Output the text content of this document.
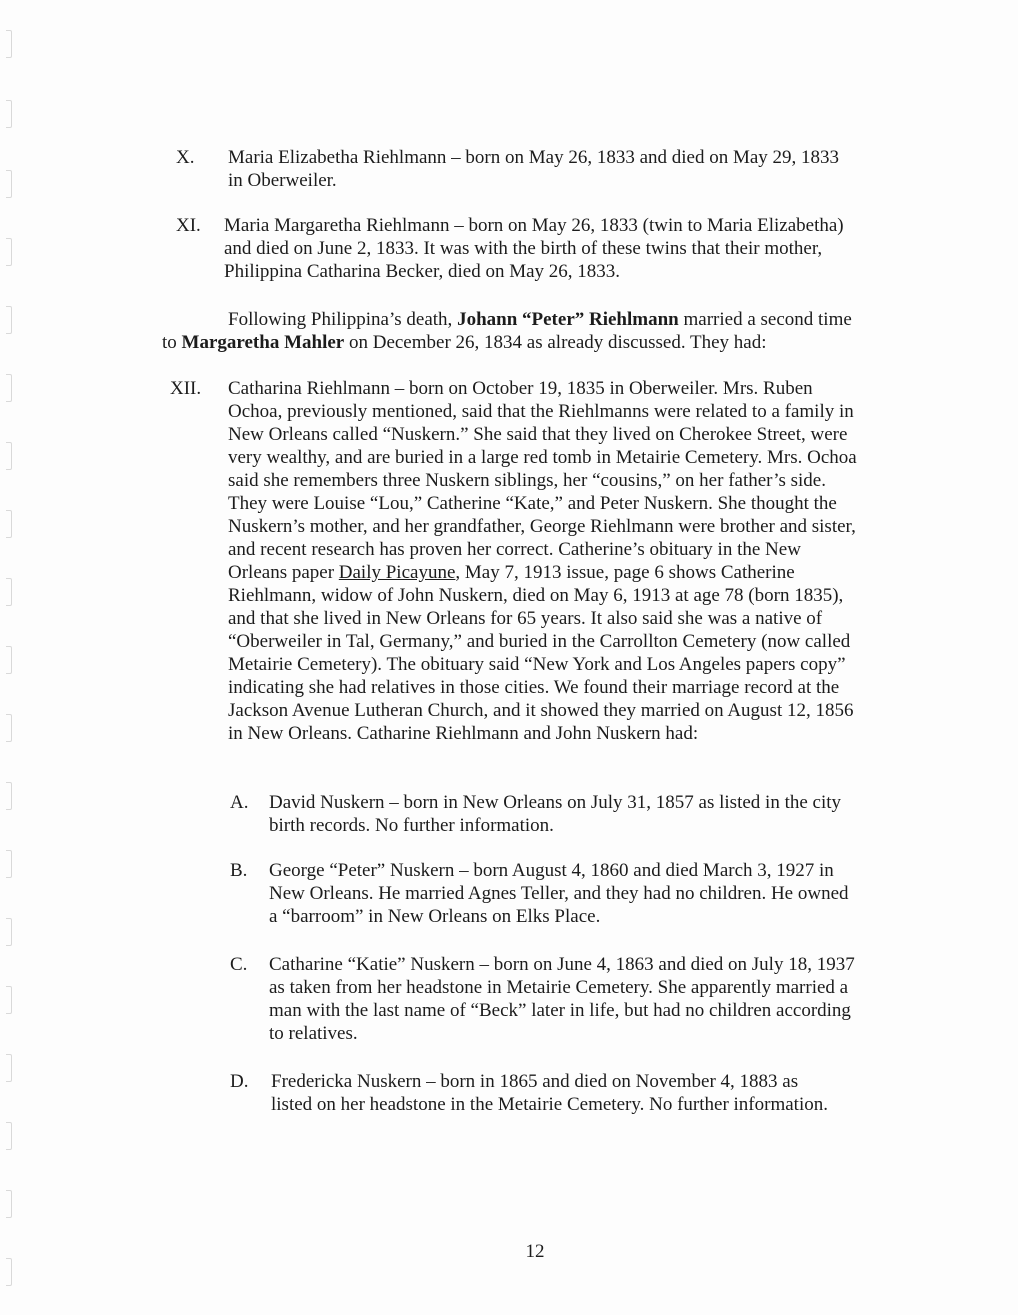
X. Maria Elizabetha Riehlmann – born on May 26, 1833 and died on May 29, 1833 in Oberweiler.
XI. Maria Margaretha Riehlmann – born on May 26, 1833 (twin to Maria Elizabetha) and died on June 2, 1833. It was with the birth of these twins that their mother, Philippina Catharina Becker, died on May 26, 1833.
Following Philippina’s death, Johann “Peter” Riehlmann married a second time to Margaretha Mahler on December 26, 1834 as already discussed. They had:
XII. Catharina Riehlmann – born on October 19, 1835 in Oberweiler. Mrs. Ruben Ochoa, previously mentioned, said that the Riehlmanns were related to a family in New Orleans called “Nuskern.” She said that they lived on Cherokee Street, were very wealthy, and are buried in a large red tomb in Metairie Cemetery. Mrs. Ochoa said she remembers three Nuskern siblings, her “cousins,” on her father’s side. They were Louise “Lou,” Catherine “Kate,” and Peter Nuskern. She thought the Nuskern’s mother, and her grandfather, George Riehlmann were brother and sister, and recent research has proven her correct. Catherine’s obituary in the New Orleans paper Daily Picayune, May 7, 1913 issue, page 6 shows Catherine Riehlmann, widow of John Nuskern, died on May 6, 1913 at age 78 (born 1835), and that she lived in New Orleans for 65 years. It also said she was a native of “Oberweiler in Tal, Germany,” and buried in the Carrollton Cemetery (now called Metairie Cemetery). The obituary said “New York and Los Angeles papers copy” indicating she had relatives in those cities. We found their marriage record at the Jackson Avenue Lutheran Church, and it showed they married on August 12, 1856 in New Orleans. Catharine Riehlmann and John Nuskern had:
A. David Nuskern – born in New Orleans on July 31, 1857 as listed in the city birth records. No further information.
B. George “Peter” Nuskern – born August 4, 1860 and died March 3, 1927 in New Orleans. He married Agnes Teller, and they had no children. He owned a “barroom” in New Orleans on Elks Place.
C. Catharine “Katie” Nuskern – born on June 4, 1863 and died on July 18, 1937 as taken from her headstone in Metairie Cemetery. She apparently married a man with the last name of “Beck” later in life, but had no children according to relatives.
D. Fredericka Nuskern – born in 1865 and died on November 4, 1883 as listed on her headstone in the Metairie Cemetery. No further information.
12
